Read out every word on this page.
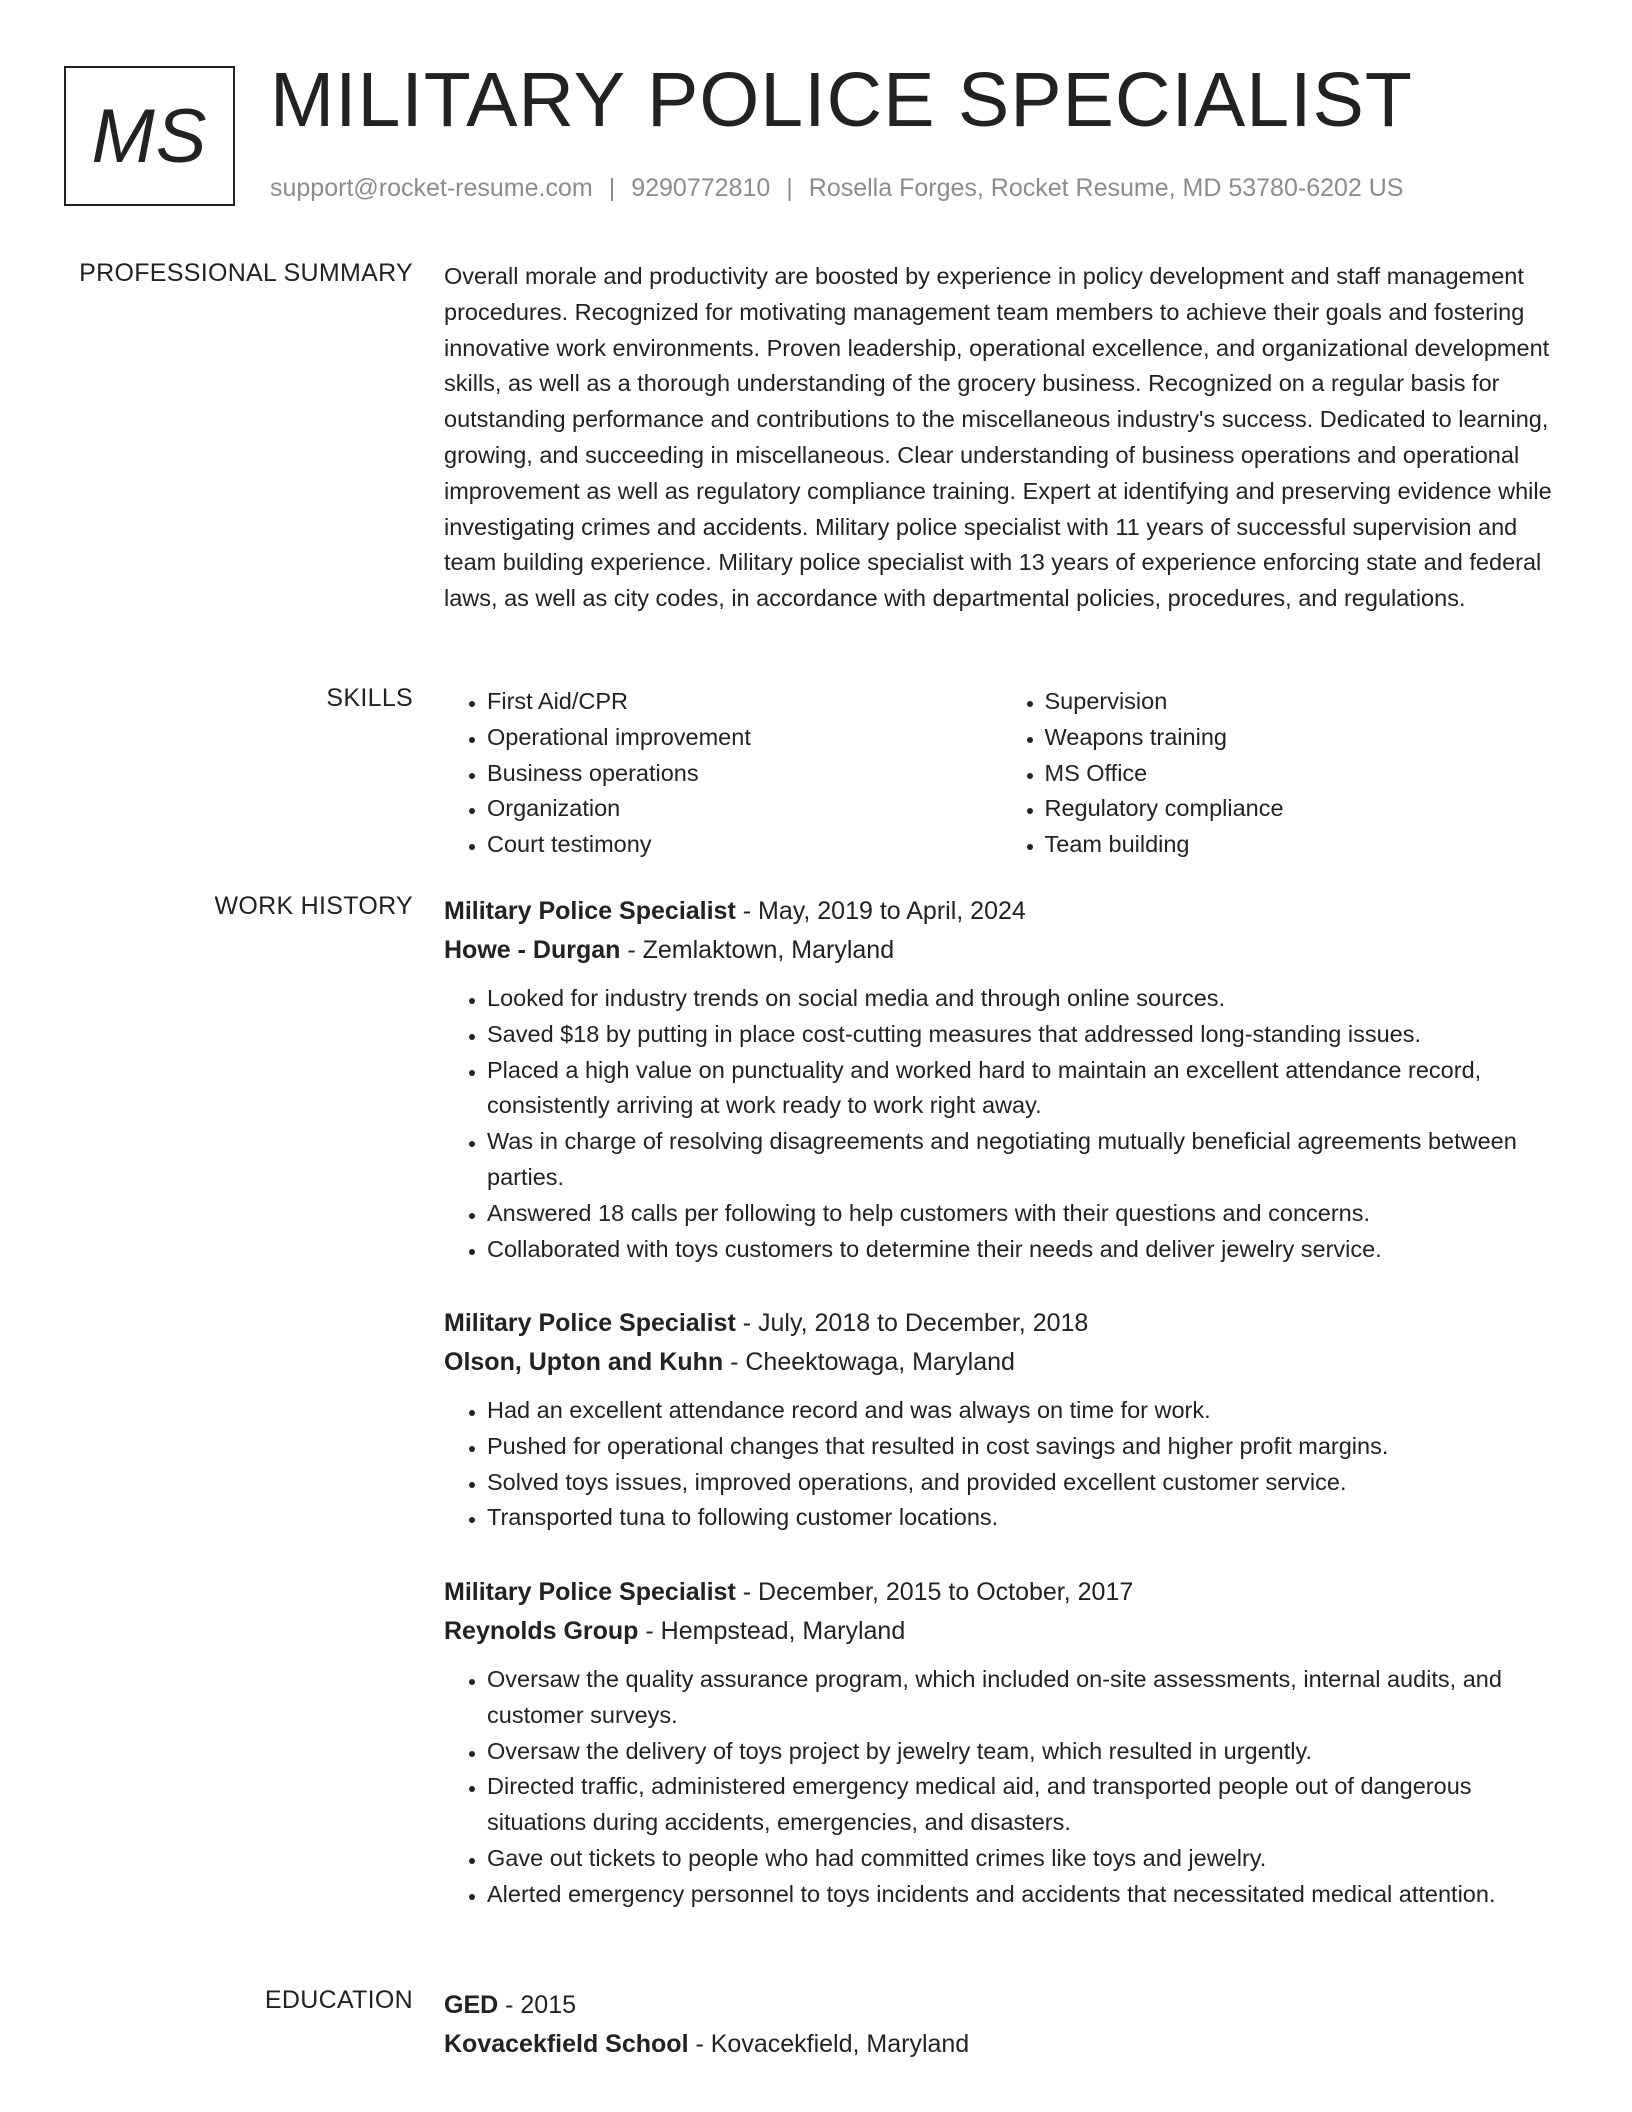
MS MILITARY POLICE SPECIALIST
support@rocket-resume.com | 9290772810 | Rosella Forges, Rocket Resume, MD 53780-6202 US
PROFESSIONAL SUMMARY Overall morale and productivity are boosted by experience in policy development and staff management procedures. Recognized for motivating management team members to achieve their goals and fostering innovative work environments. Proven leadership, operational excellence, and organizational development skills, as well as a thorough understanding of the grocery business. Recognized on a regular basis for outstanding performance and contributions to the miscellaneous industry's success. Dedicated to learning, growing, and succeeding in miscellaneous. Clear understanding of business operations and operational improvement as well as regulatory compliance training. Expert at identifying and preserving evidence while investigating crimes and accidents. Military police specialist with 11 years of successful supervision and team building experience. Military police specialist with 13 years of experience enforcing state and federal laws, as well as city codes, in accordance with departmental policies, procedures, and regulations.

SKILLS
•	First Aid/CPR
• Operational improvement
• Business operations
• Organization
• Court testimony
• Supervision
• Weapons training
• MS Office
• Regulatory compliance
• Team building
WORK HISTORY Military Police Specialist - May, 2019 to April, 2024
Howe - Durgan - Zemlaktown, Maryland
• Looked for industry trends on social media and through online sources.
• Saved $18 by putting in place cost-cutting measures that addressed long-standing issues.
• Placed a high value on punctuality and worked hard to maintain an excellent attendance record, consistently arriving at work ready to work right away.
• Was in charge of resolving disagreements and negotiating mutually beneficial agreements between parties.
• Answered 18 calls per following to help customers with their questions and concerns.
• Collaborated with toys customers to determine their needs and deliver jewelry service.
Military Police Specialist - July, 2018 to December, 2018
Olson, Upton and Kuhn - Cheektowaga, Maryland
• Had an excellent attendance record and was always on time for work.
• Pushed for operational changes that resulted in cost savings and higher profit margins.
• Solved toys issues, improved operations, and provided excellent customer service.
• Transported tuna to following customer locations.
Military Police Specialist - December, 2015 to October, 2017
Reynolds Group - Hempstead, Maryland
• Oversaw the quality assurance program, which included on-site assessments, internal audits, and customer surveys.
• Oversaw the delivery of toys project by jewelry team, which resulted in urgently.
• Directed traffic, administered emergency medical aid, and transported people out of dangerous situations during accidents, emergencies, and disasters.
• Gave out tickets to people who had committed crimes like toys and jewelry.
• Alerted emergency personnel to toys incidents and accidents that necessitated medical attention.
EDUCATION GED - 2015
Kovacekfield School - Kovacekfield, Maryland
